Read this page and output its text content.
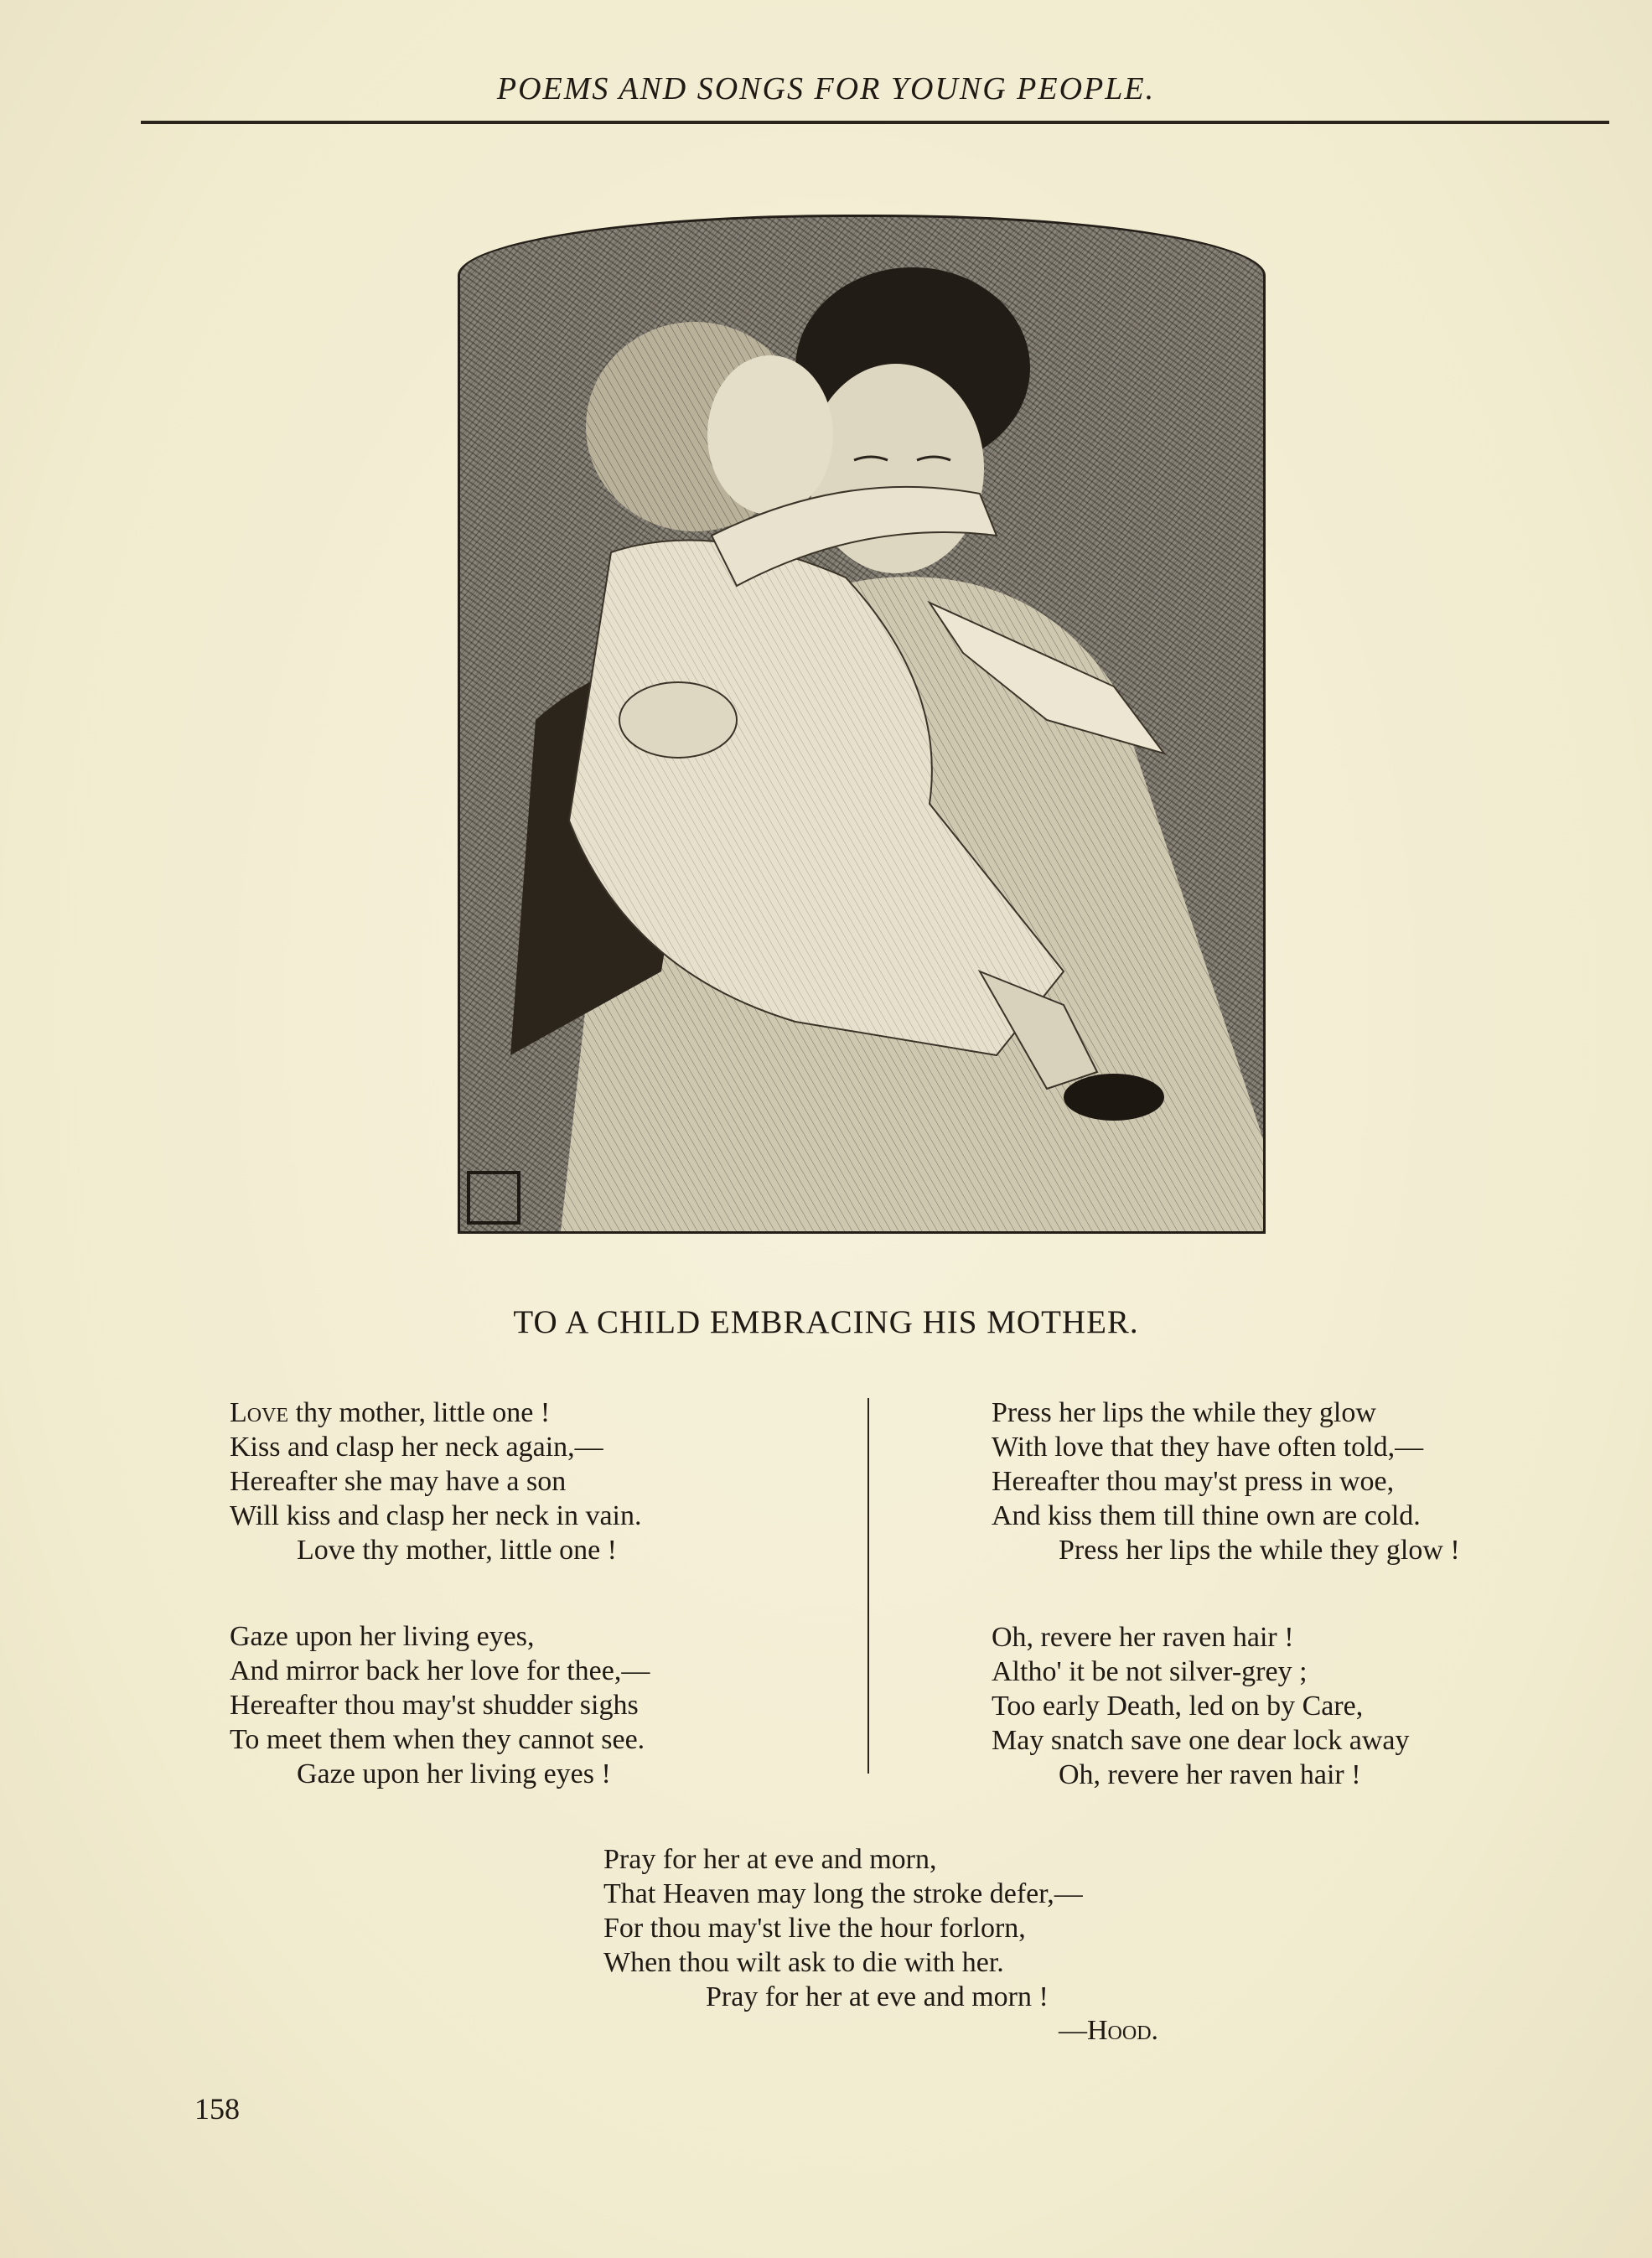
POEMS AND SONGS FOR YOUNG PEOPLE.
TO A CHILD EMBRACING HIS MOTHER.
Love thy mother, little one !
Kiss and clasp her neck again,—
Hereafter she may have a son
Will kiss and clasp her neck in vain.
Love thy mother, little one !
Gaze upon her living eyes,
And mirror back her love for thee,—
Hereafter thou may'st shudder sighs
To meet them when they cannot see.
Gaze upon her living eyes !
Press her lips the while they glow
With love that they have often told,—
Hereafter thou may'st press in woe,
And kiss them till thine own are cold.
Press her lips the while they glow !
Oh, revere her raven hair !
Altho' it be not silver-grey ;
Too early Death, led on by Care,
May snatch save one dear lock away
Oh, revere her raven hair !
Pray for her at eve and morn,
That Heaven may long the stroke defer,—
For thou may'st live the hour forlorn,
When thou wilt ask to die with her.
Pray for her at eve and morn !
—Hood.
158
